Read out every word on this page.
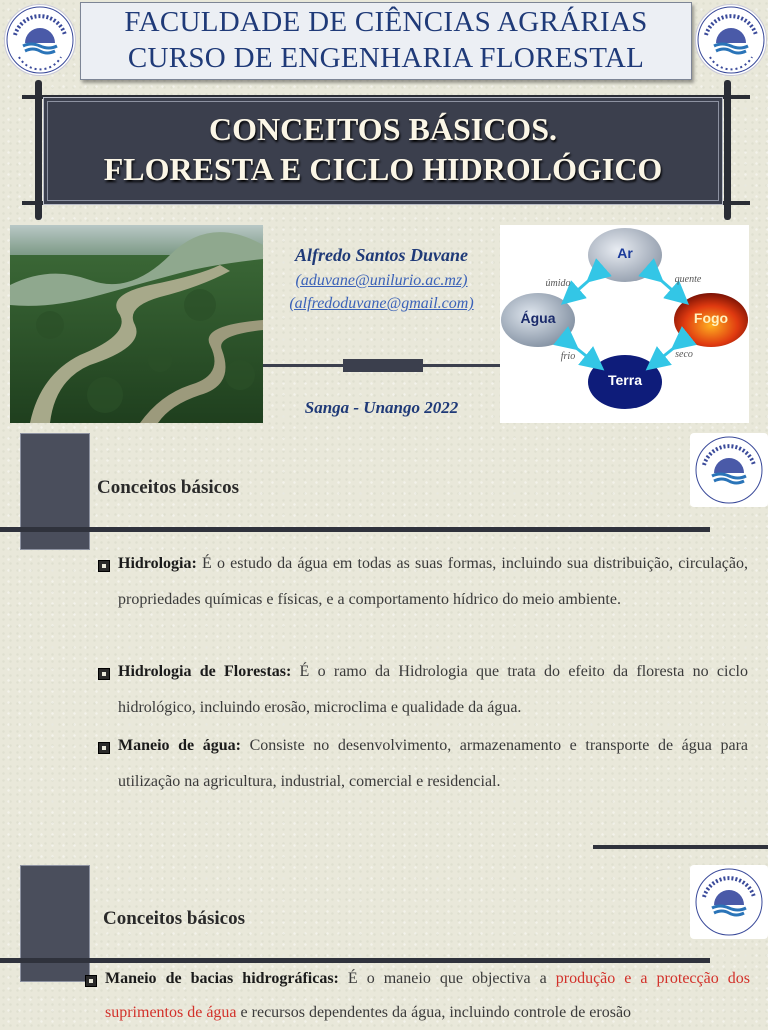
FACULDADE DE CIÊNCIAS AGRÁRIAS
CURSO DE ENGENHARIA FLORESTAL
CONCEITOS BÁSICOS.
FLORESTA E CICLO HIDROLÓGICO
Alfredo Santos Duvane
(aduvane@unilurio.ac.mz)
(alfredoduvane@gmail.com)
Sanga - Unango 2022
Ar
Água	Fogo
Terra
úmido	quente
frio	seco
Conceitos básicos
Hidrologia: É o estudo da água em todas as suas formas, incluindo sua distribuição, circulação, propriedades químicas e físicas, e a comportamento hídrico do meio ambiente.
Hidrologia de Florestas: É o ramo da Hidrologia que trata do efeito da floresta no ciclo hidrológico, incluindo erosão, microclima e qualidade da água.
Maneio de água: Consiste no desenvolvimento, armazenamento e transporte de água para utilização na agricultura, industrial, comercial e residencial.
Conceitos básicos
Maneio de bacias hidrográficas: É o maneio que objectiva a produção e a protecção dos suprimentos de água e recursos dependentes da água, incluindo controle de erosão
